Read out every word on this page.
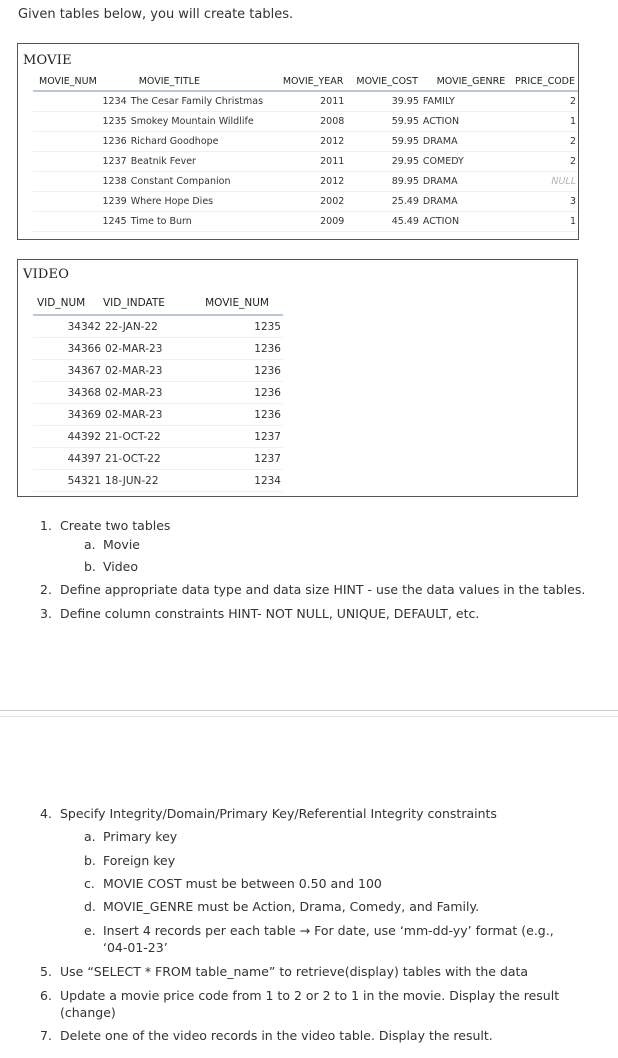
Given tables below, you will create tables.
MOVIE
MOVIE_NUM	MOVIE_TITLE	MOVIE_YEAR	MOVIE_COST	MOVIE_GENRE	PRICE_CODE
1234	The Cesar Family Christmas	2011	39.95	FAMILY	2
1235	Smokey Mountain Wildlife	2008	59.95	ACTION	1
1236	Richard Goodhope	2012	59.95	DRAMA	2
1237	Beatnik Fever	2011	29.95	COMEDY	2
1238	Constant Companion	2012	89.95	DRAMA	NULL
1239	Where Hope Dies	2002	25.49	DRAMA	3
1245	Time to Burn	2009	45.49	ACTION	1
VIDEO
VID_NUM	VID_INDATE	MOVIE_NUM
34342	22-JAN-22	1235
34366	02-MAR-23	1236
34367	02-MAR-23	1236
34368	02-MAR-23	1236
34369	02-MAR-23	1236
44392	21-OCT-22	1237
44397	21-OCT-22	1237
54321	18-JUN-22	1234
1. Create two tables
a. Movie
b. Video
2. Define appropriate data type and data size HINT - use the data values in the tables.
3. Define column constraints HINT- NOT NULL, UNIQUE, DEFAULT, etc.
4. Specify Integrity/Domain/Primary Key/Referential Integrity constraints
a. Primary key
b. Foreign key
c. MOVIE COST must be between 0.50 and 100
d. MOVIE_GENRE must be Action, Drama, Comedy, and Family.
e. Insert 4 records per each table → For date, use ‘mm-dd-yy’ format (e.g.,
‘04-01-23’
5. Use “SELECT * FROM table_name” to retrieve(display) tables with the data
6. Update a movie price code from 1 to 2 or 2 to 1 in the movie. Display the result
(change)
7. Delete one of the video records in the video table. Display the result.
